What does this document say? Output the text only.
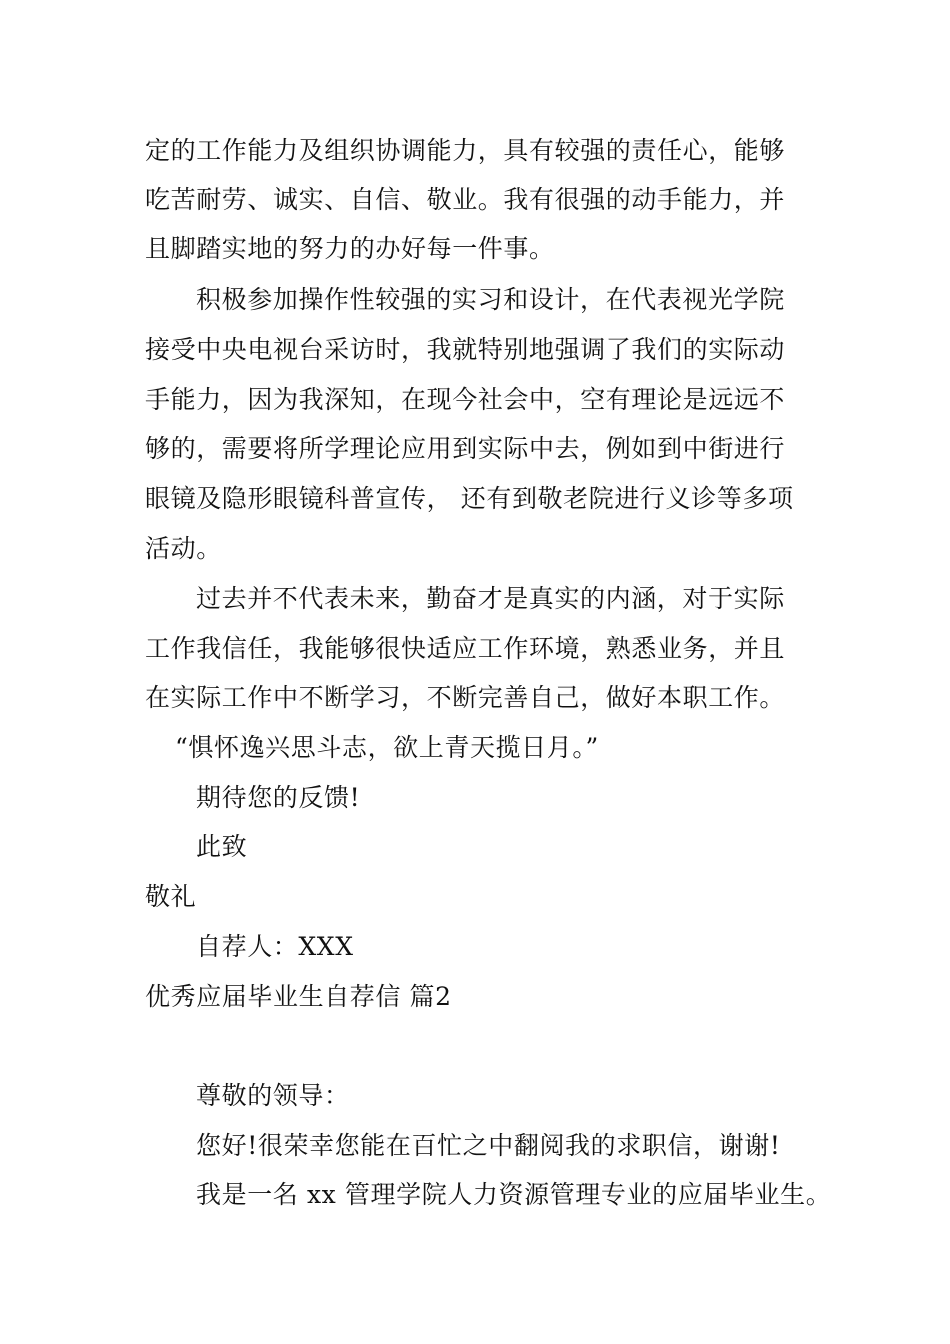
定的工作能力及组织协调能力，具有较强的责任心，能够
吃苦耐劳、诚实、自信、敬业。我有很强的动手能力，并
且脚踏实地的努力的办好每一件事。
积极参加操作性较强的实习和设计，在代表视光学院
接受中央电视台采访时，我就特别地强调了我们的实际动
手能力，因为我深知，在现今社会中，空有理论是远远不
够的，需要将所学理论应用到实际中去，例如到中街进行
眼镜及隐形眼镜科普宣传， 还有到敬老院进行义诊等多项
活动。
过去并不代表未来，勤奋才是真实的内涵，对于实际
工作我信任，我能够很快适应工作环境，熟悉业务，并且
在实际工作中不断学习，不断完善自己，做好本职工作。
“惧怀逸兴思斗志，欲上青天揽日月。”
期待您的反馈!
此致
敬礼
自荐人：XXX
优秀应届毕业生自荐信 篇2
尊敬的领导：
您好!很荣幸您能在百忙之中翻阅我的求职信，谢谢!
我是一名 xx 管理学院人力资源管理专业的应届毕业生。
